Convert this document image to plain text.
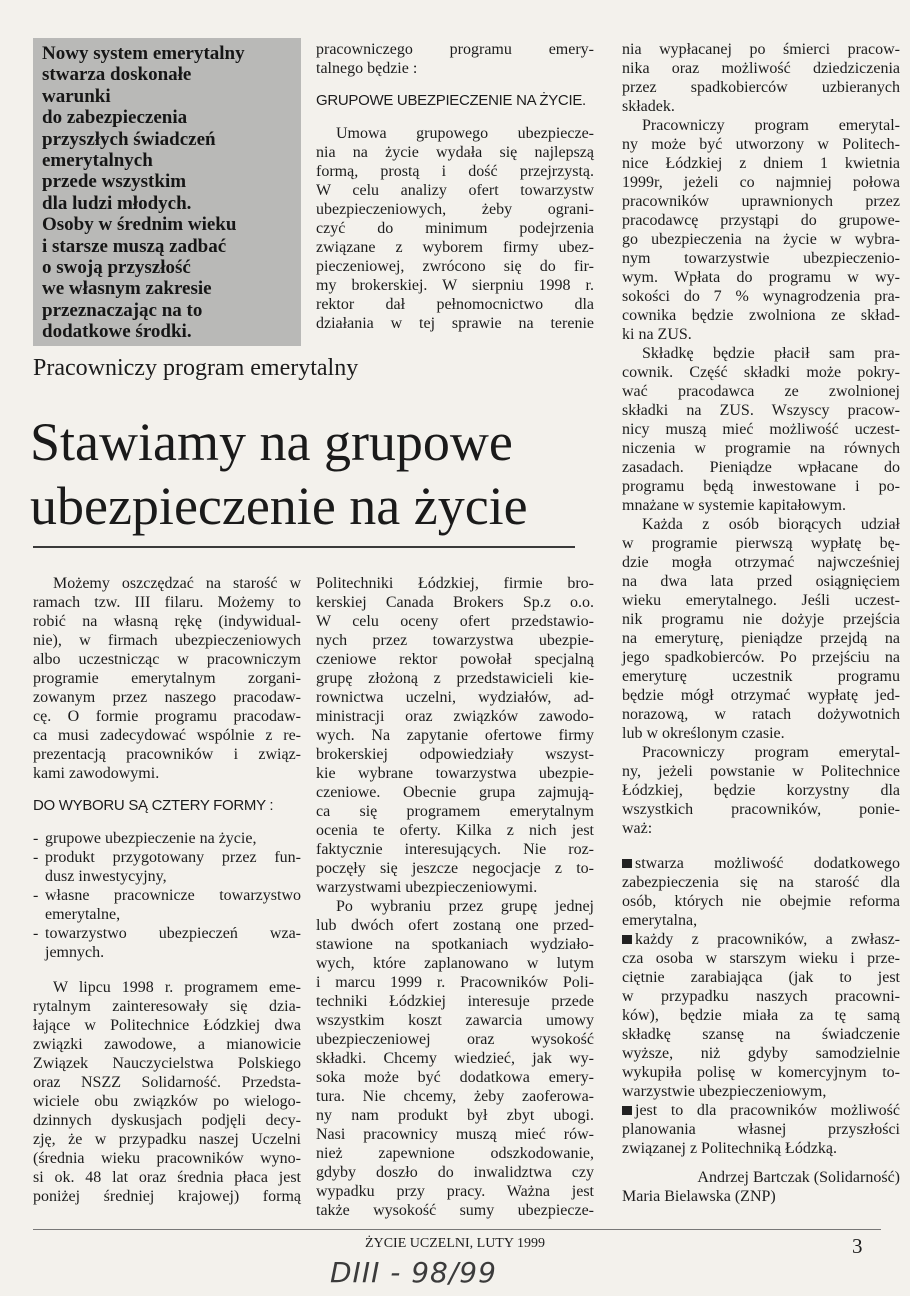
Nowy system emerytalny
stwarza doskonałe
warunki
do zabezpieczenia
przyszłych świadczeń
emerytalnych
przede wszystkim
dla ludzi młodych.
Osoby w średnim wieku
i starsze muszą zadbać
o swoją przyszłość
we własnym zakresie
przeznaczając na to
dodatkowe środki.
pracowniczego programu emery-
talnego będzie :
GRUPOWE UBEZPIECZENIE NA ŻYCIE.
Umowa grupowego ubezpiecze-
nia na życie wydała się najlepszą
formą, prostą i dość przejrzystą.
W celu analizy ofert towarzystw
ubezpieczeniowych, żeby ograni-
czyć do minimum podejrzenia
związane z wyborem firmy ubez-
pieczeniowej, zwrócono się do fir-
my brokerskiej. W sierpniu 1998 r.
rektor dał pełnomocnictwo dla
działania w tej sprawie na terenie
Pracowniczy program emerytalny
Stawiamy na grupowe
ubezpieczenie na życie
Możemy oszczędzać na starość w
ramach tzw. III filaru. Możemy to
robić na własną rękę (indywidual-
nie), w firmach ubezpieczeniowych
albo uczestnicząc w pracowniczym
programie emerytalnym zorgani-
zowanym przez naszego pracodaw-
cę. O formie programu pracodaw-
ca musi zadecydować wspólnie z re-
prezentacją pracowników i związ-
kami zawodowymi.
DO WYBORU SĄ CZTERY FORMY :
- grupowe ubezpieczenie na życie,
- produkt przygotowany przez fun-
dusz inwestycyjny,
- własne pracownicze towarzystwo
emerytalne,
- towarzystwo ubezpieczeń wza-
jemnych.
W lipcu 1998 r. programem eme-
rytalnym zainteresowały się dzia-
łające w Politechnice Łódzkiej dwa
związki zawodowe, a mianowicie
Związek Nauczycielstwa Polskiego
oraz NSZZ Solidarność. Przedsta-
wiciele obu związków po wielogo-
dzinnych dyskusjach podjęli decy-
zję, że w przypadku naszej Uczelni
(średnia wieku pracowników wyno-
si ok. 48 lat oraz średnia płaca jest
poniżej średniej krajowej) formą
Politechniki Łódzkiej, firmie bro-
kerskiej Canada Brokers Sp.z o.o.
W celu oceny ofert przedstawio-
nych przez towarzystwa ubezpie-
czeniowe rektor powołał specjalną
grupę złożoną z przedstawicieli kie-
rownictwa uczelni, wydziałów, ad-
ministracji oraz związków zawodo-
wych. Na zapytanie ofertowe firmy
brokerskiej odpowiedziały wszyst-
kie wybrane towarzystwa ubezpie-
czeniowe. Obecnie grupa zajmują-
ca się programem emerytalnym
ocenia te oferty. Kilka z nich jest
faktycznie interesujących. Nie roz-
poczęły się jeszcze negocjacje z to-
warzystwami ubezpieczeniowymi.
Po wybraniu przez grupę jednej
lub dwóch ofert zostaną one przed-
stawione na spotkaniach wydziało-
wych, które zaplanowano w lutym
i marcu 1999 r. Pracowników Poli-
techniki Łódzkiej interesuje przede
wszystkim koszt zawarcia umowy
ubezpieczeniowej oraz wysokość
składki. Chcemy wiedzieć, jak wy-
soka może być dodatkowa emery-
tura. Nie chcemy, żeby zaoferowa-
ny nam produkt był zbyt ubogi.
Nasi pracownicy muszą mieć rów-
nież zapewnione odszkodowanie,
gdyby doszło do inwalidztwa czy
wypadku przy pracy. Ważna jest
także wysokość sumy ubezpiecze-
nia wypłacanej po śmierci pracow-
nika oraz możliwość dziedziczenia
przez spadkobierców uzbieranych
składek.
Pracowniczy program emerytal-
ny może być utworzony w Politech-
nice Łódzkiej z dniem 1 kwietnia
1999r, jeżeli co najmniej połowa
pracowników uprawnionych przez
pracodawcę przystąpi do grupowe-
go ubezpieczenia na życie w wybra-
nym towarzystwie ubezpieczenio-
wym. Wpłata do programu w wy-
sokości do 7 % wynagrodzenia pra-
cownika będzie zwolniona ze skład-
ki na ZUS.
Składkę będzie płacił sam pra-
cownik. Część składki może pokry-
wać pracodawca ze zwolnionej
składki na ZUS. Wszyscy pracow-
nicy muszą mieć możliwość uczest-
niczenia w programie na równych
zasadach. Pieniądze wpłacane do
programu będą inwestowane i po-
mnażane w systemie kapitałowym.
Każda z osób biorących udział
w programie pierwszą wypłatę bę-
dzie mogła otrzymać najwcześniej
na dwa lata przed osiągnięciem
wieku emerytalnego. Jeśli uczest-
nik programu nie dożyje przejścia
na emeryturę, pieniądze przejdą na
jego spadkobierców. Po przejściu na
emeryturę uczestnik programu
będzie mógł otrzymać wypłatę jed-
norazową, w ratach dożywotnich
lub w określonym czasie.
Pracowniczy program emerytal-
ny, jeżeli powstanie w Politechnice
Łódzkiej, będzie korzystny dla
wszystkich pracowników, ponie-
waż:
stwarza możliwość dodatkowego
zabezpieczenia się na starość dla
osób, których nie obejmie reforma
emerytalna,
każdy z pracowników, a zwłasz-
cza osoba w starszym wieku i prze-
ciętnie zarabiająca (jak to jest
w przypadku naszych pracowni-
ków), będzie miała za tę samą
składkę szansę na świadczenie
wyższe, niż gdyby samodzielnie
wykupiła polisę w komercyjnym to-
warzystwie ubezpieczeniowym,
jest to dla pracowników możliwość
planowania własnej przyszłości
związanej z Politechniką Łódzką.
Andrzej Bartczak (Solidarność)
Maria Bielawska (ZNP)
ŻYCIE UCZELNI, LUTY 1999	3
DIII - 98/99
